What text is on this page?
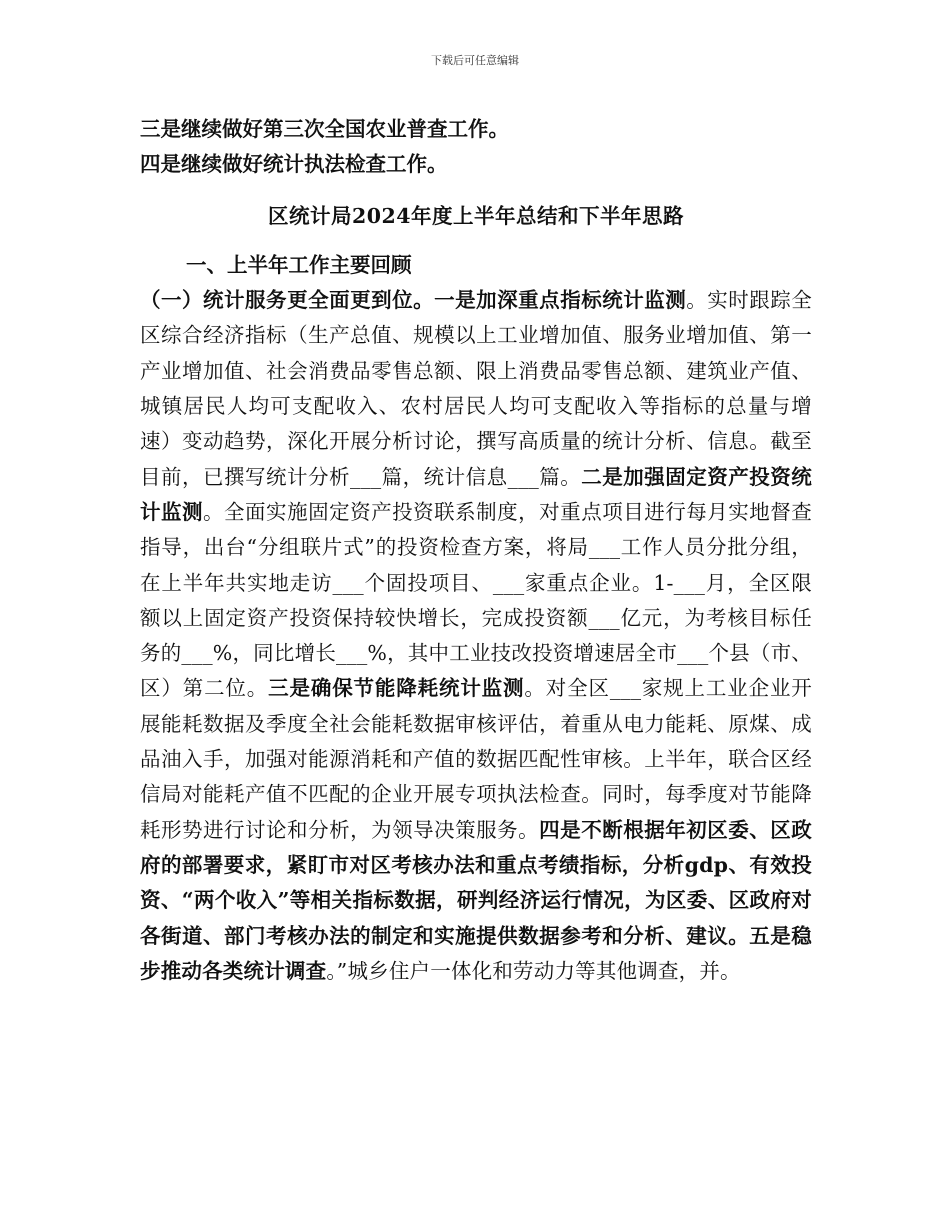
下载后可任意编辑
三是继续做好第三次全国农业普查工作。
四是继续做好统计执法检查工作。
区统计局2024年度上半年总结和下半年思路
一、上半年工作主要回顾
（一）统计服务更全面更到位。一是加深重点指标统计监测。实时跟踪全区综合经济指标（生产总值、规模以上工业增加值、服务业增加值、第一产业增加值、社会消费品零售总额、限上消费品零售总额、建筑业产值、城镇居民人均可支配收入、农村居民人均可支配收入等指标的总量与增速）变动趋势，深化开展分析讨论，撰写高质量的统计分析、信息。截至目前，已撰写统计分析___篇，统计信息___篇。二是加强固定资产投资统计监测。全面实施固定资产投资联系制度，对重点项目进行每月实地督查指导，出台“分组联片式”的投资检查方案，将局___工作人员分批分组，在上半年共实地走访___个固投项目、___家重点企业。1-___月，全区限额以上固定资产投资保持较快增长，完成投资额___亿元，为考核目标任务的___%，同比增长___%，其中工业技改投资增速居全市___个县（市、区）第二位。三是确保节能降耗统计监测。对全区___家规上工业企业开展能耗数据及季度全社会能耗数据审核评估，着重从电力能耗、原煤、成品油入手，加强对能源消耗和产值的数据匹配性审核。上半年，联合区经信局对能耗产值不匹配的企业开展专项执法检查。同时，每季度对节能降耗形势进行讨论和分析，为领导决策服务。四是不断根据年初区委、区政府的部署要求，紧盯市对区考核办法和重点考绩指标，分析gdp、有效投资、“两个收入”等相关指标数据，研判经济运行情况，为区委、区政府对各街道、部门考核办法的制定和实施提供数据参考和分析、建议。五是稳步推动各类统计调查。”城乡住户一体化和劳动力等其他调查，并。
